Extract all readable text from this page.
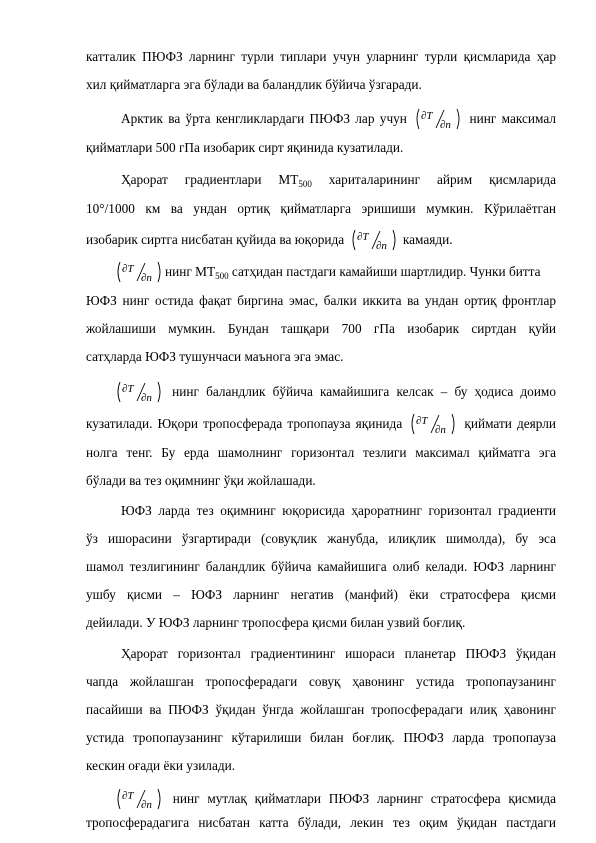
катталик ПЮФЗ ларнинг турли типлари учун уларнинг турли қисмларида ҳар
хил қийматларга эга бўлади ва баландлик бўйича ўзгаради.
Арктик ва ўрта кенгликлардаги ПЮФЗ лар учун ∂T
∂n нинг максимал
қийматлари 500 гПа изобарик сирт яқинида кузатилади.
Ҳарорат градиентлари $МТ_{500}$ хариталарининг айрим қисмларида
10°/1000 км ва ундан ортиқ қийматларга эришиши мумкин. Кўрилаётган
изобарик сиртга нисбатан қуйида ва юқорида ∂T
∂n камаяди.
∂T
∂n нинг $МТ_{500}$ сатҳидан пастдаги камайиши шартлидир. Чунки битта
ЮФЗ нинг остида фақат биргина эмас, балки иккита ва ундан ортиқ фронтлар
жойлашиши мумкин. Бундан ташқари 700 гПа изобарик сиртдан қуйи
сатҳларда ЮФЗ тушунчаси маънога эга эмас.
∂T
∂n нинг баландлик бўйича камайишига келсак – бу ҳодиса доимо
кузатилади. Юқори тропосферада тропопауза яқинида ∂T
∂n қиймати деярли
нолга тенг. Бу ерда шамолнинг горизонтал тезлиги максимал қийматга эга
бўлади ва тез оқимнинг ўқи жойлашади.
ЮФЗ ларда тез оқимнинг юқорисида ҳароратнинг горизонтал градиенти
ўз ишорасини ўзгартиради (совуқлик жанубда, илиқлик шимолда), бу эса
шамол тезлигининг баландлик бўйича камайишига олиб келади. ЮФЗ ларнинг
ушбу қисми – ЮФЗ ларнинг негатив (манфий) ёки стратосфера қисми
дейилади. У ЮФЗ ларнинг тропосфера қисми билан узвий боғлиқ.
Ҳарорат горизонтал градиентининг ишораси планетар ПЮФЗ ўқидан
чапда жойлашган тропосферадаги совуқ ҳавонинг устида тропопаузанинг
пасайиши ва ПЮФЗ ўқидан ўнгда жойлашган тропосферадаги илиқ ҳавонинг
устида тропопаузанинг кўтарилиши билан боғлиқ. ПЮФЗ ларда тропопауза
кескин оғади ёки узилади.
∂T
∂n нинг мутлақ қийматлари ПЮФЗ ларнинг стратосфера қисмида
тропосферадагига нисбатан катта бўлади, лекин тез оқим ўқидан пастдаги
